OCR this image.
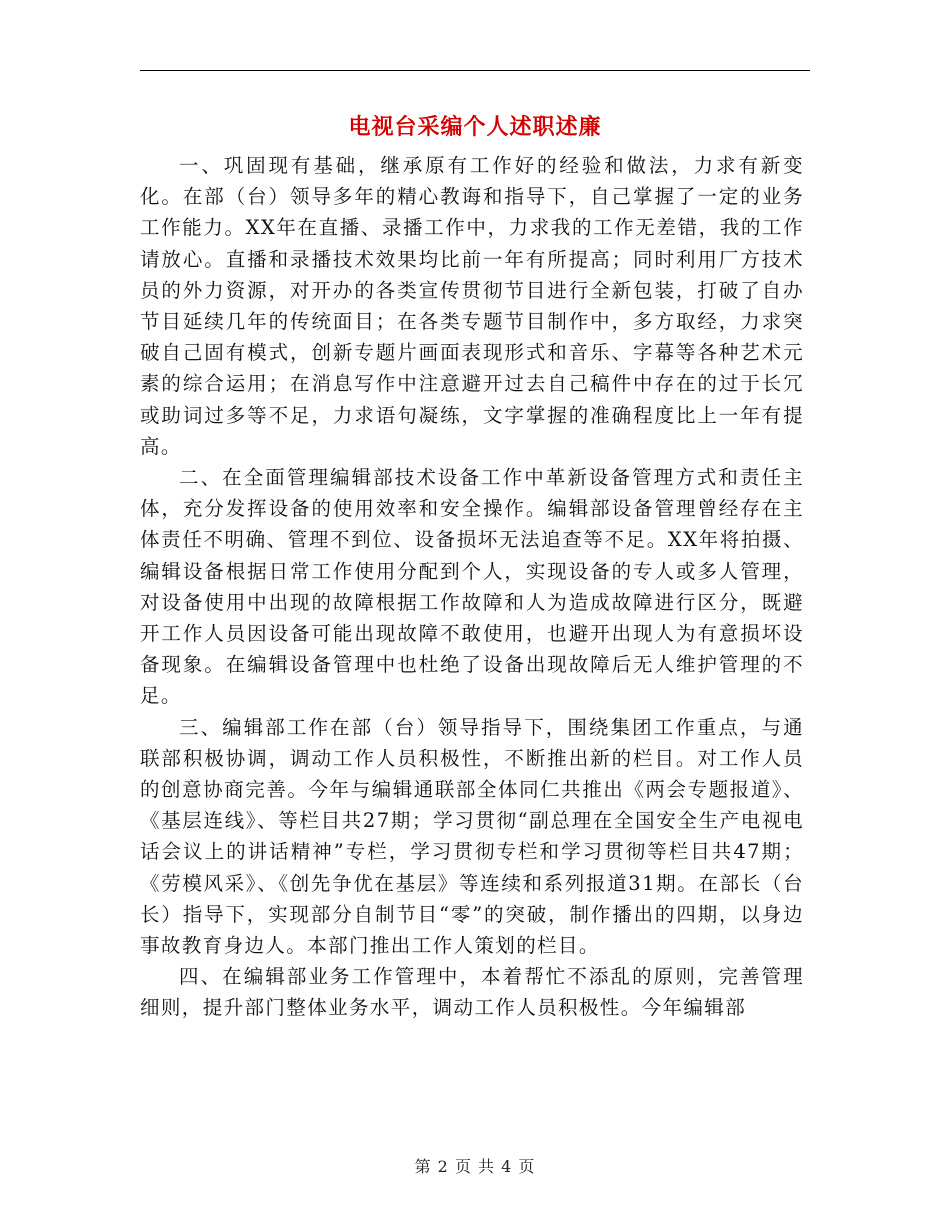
电视台采编个人述职述廉

一、巩固现有基础，继承原有工作好的经验和做法，力求有新变化。在部（台）领导多年的精心教诲和指导下，自己掌握了一定的业务工作能力。XX年在直播、录播工作中，力求我的工作无差错，我的工作请放心。直播和录播技术效果均比前一年有所提高；同时利用厂方技术员的外力资源，对开办的各类宣传贯彻节目进行全新包装，打破了自办节目延续几年的传统面目；在各类专题节目制作中，多方取经，力求突破自己固有模式，创新专题片画面表现形式和音乐、字幕等各种艺术元素的综合运用；在消息写作中注意避开过去自己稿件中存在的过于长冗或助词过多等不足，力求语句凝练，文字掌握的准确程度比上一年有提高。

二、在全面管理编辑部技术设备工作中革新设备管理方式和责任主体，充分发挥设备的使用效率和安全操作。编辑部设备管理曾经存在主体责任不明确、管理不到位、设备损坏无法追查等不足。XX年将拍摄、编辑设备根据日常工作使用分配到个人，实现设备的专人或多人管理，对设备使用中出现的故障根据工作故障和人为造成故障进行区分，既避开工作人员因设备可能出现故障不敢使用，也避开出现人为有意损坏设备现象。在编辑设备管理中也杜绝了设备出现故障后无人维护管理的不足。

三、编辑部工作在部（台）领导指导下，围绕集团工作重点，与通联部积极协调，调动工作人员积极性，不断推出新的栏目。对工作人员的创意协商完善。今年与编辑通联部全体同仁共推出《两会专题报道》、《基层连线》、等栏目共27期；学习贯彻“副总理在全国安全生产电视电话会议上的讲话精神”专栏，学习贯彻专栏和学习贯彻等栏目共47期；《劳模风采》、《创先争优在基层》等连续和系列报道31期。在部长（台长）指导下，实现部分自制节目“零”的突破，制作播出的四期，以身边事故教育身边人。本部门推出工作人策划的栏目。

四、在编辑部业务工作管理中，本着帮忙不添乱的原则，完善管理细则，提升部门整体业务水平，调动工作人员积极性。今年编辑部

第 2 页 共 4 页
